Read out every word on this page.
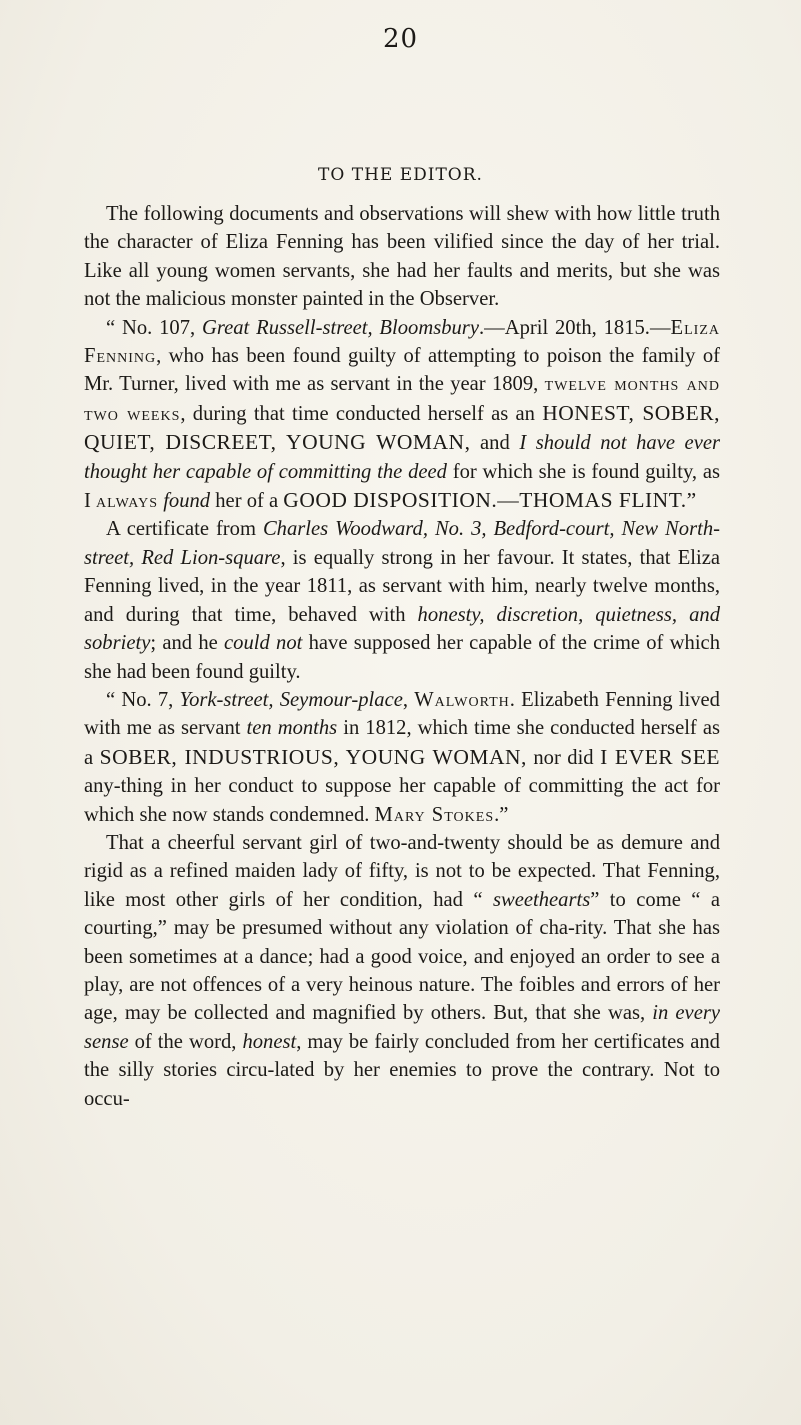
20
TO THE EDITOR.

The following documents and observations will shew with how little truth the character of Eliza Fenning has been vilified since the day of her trial. Like all young women servants, she had her faults and merits, but she was not the malicious monster painted in the Observer.

“ No. 107, Great Russell-street, Bloomsbury.—April 20th, 1815.—Eliza Fenning, who has been found guilty of attempting to poison the family of Mr. Turner, lived with me as servant in the year 1809, twelve months and two weeks, during that time conducted herself as an HONEST, SOBER, QUIET, DISCREET, YOUNG WOMAN, and I should not have ever thought her capable of committing the deed for which she is found guilty, as I always found her of a GOOD DISPOSITION.—THOMAS FLINT.”

A certificate from Charles Woodward, No. 3, Bedford-court, New North-street, Red Lion-square, is equally strong in her favour. It states, that Eliza Fenning lived, in the year 1811, as servant with him, nearly twelve months, and during that time, behaved with honesty, discretion, quietness, and sobriety; and he could not have supposed her capable of the crime of which she had been found guilty.

“ No. 7, York-street, Seymour-place, Walworth. Elizabeth Fenning lived with me as servant ten months in 1812, which time she conducted herself as a SOBER, INDUSTRIOUS, YOUNG WOMAN, nor did I EVER SEE any-thing in her conduct to suppose her capable of committing the act for which she now stands condemned. Mary Stokes.”

That a cheerful servant girl of two-and-twenty should be as demure and rigid as a refined maiden lady of fifty, is not to be expected. That Fenning, like most other girls of her condition, had “ sweethearts” to come “ a courting,” may be presumed without any violation of cha-rity. That she has been sometimes at a dance; had a good voice, and enjoyed an order to see a play, are not offences of a very heinous nature. The foibles and errors of her age, may be collected and magnified by others. But, that she was, in every sense of the word, honest, may be fairly concluded from her certificates and the silly stories circu-lated by her enemies to prove the contrary. Not to occu-
